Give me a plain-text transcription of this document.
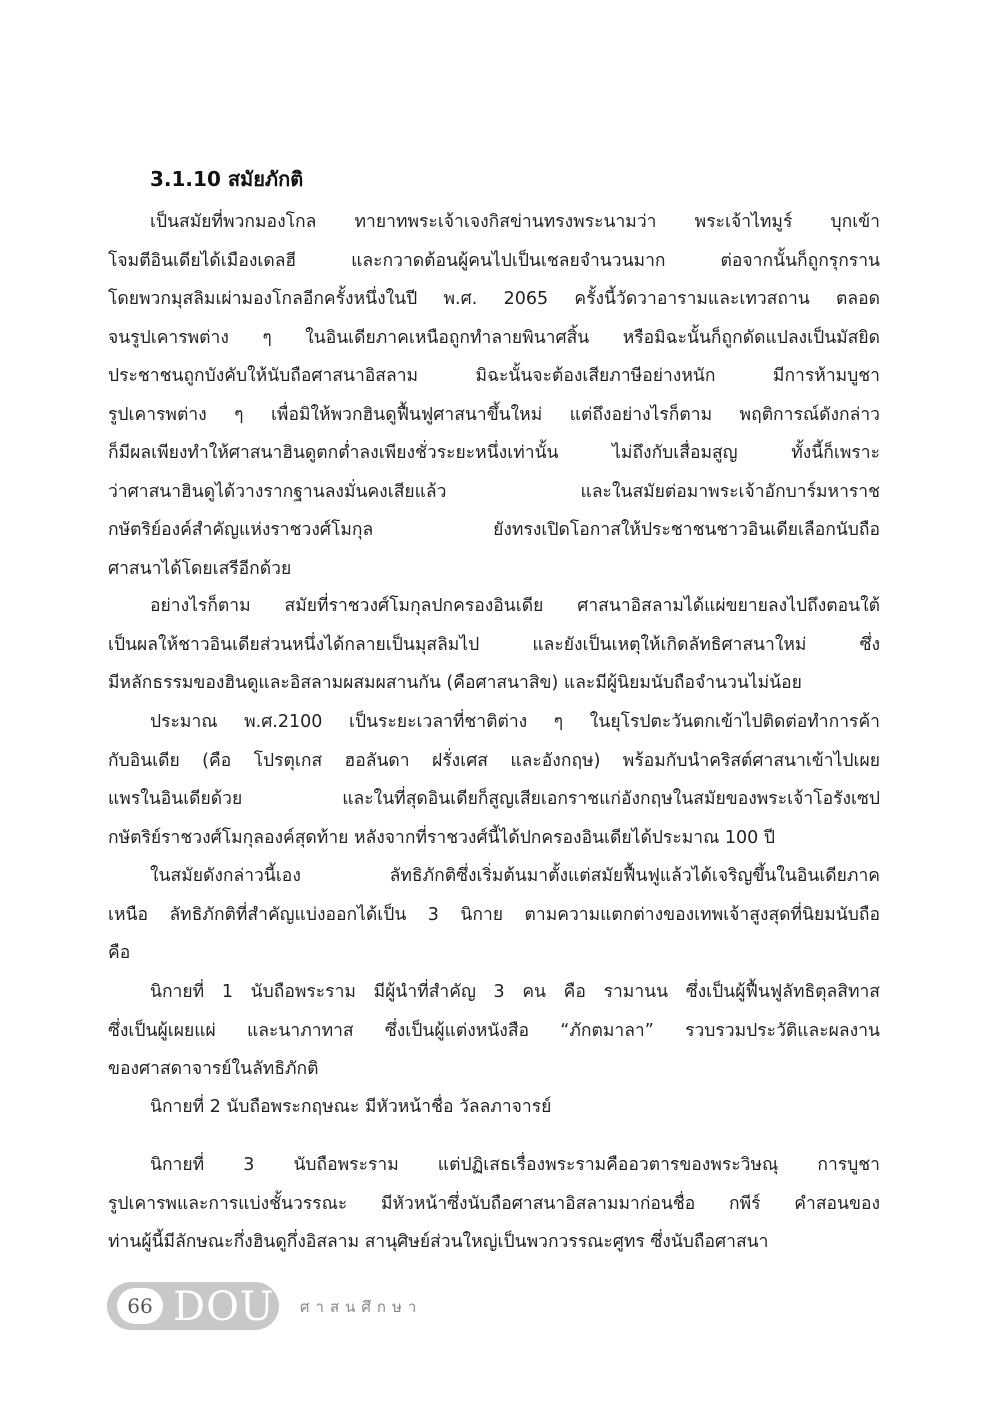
3.1.10 สมัยภักติ
เป็นสมัยที่พวกมองโกล ทายาทพระเจ้าเจงกิสข่านทรงพระนามว่า พระเจ้าไทมูร์ บุกเข้า
โจมตีอินเดียได้เมืองเดลฮี และกวาดต้อนผู้คนไปเป็นเชลยจำนวนมาก ต่อจากนั้นก็ถูกรุกราน
โดยพวกมุสลิมเผ่ามองโกลอีกครั้งหนึ่งในปี พ.ศ. 2065 ครั้งนี้วัดวาอารามและเทวสถาน ตลอด
จนรูปเคารพต่าง ๆ ในอินเดียภาคเหนือถูกทำลายพินาศสิ้น หรือมิฉะนั้นก็ถูกดัดแปลงเป็นมัสยิด
ประชาชนถูกบังคับให้นับถือศาสนาอิสลาม มิฉะนั้นจะต้องเสียภาษีอย่างหนัก มีการห้ามบูชา
รูปเคารพต่าง ๆ เพื่อมิให้พวกฮินดูฟื้นฟูศาสนาขึ้นใหม่ แต่ถึงอย่างไรก็ตาม พฤติการณ์ดังกล่าว
ก็มีผลเพียงทำให้ศาสนาฮินดูตกต่ำลงเพียงชั่วระยะหนึ่งเท่านั้น ไม่ถึงกับเสื่อมสูญ ทั้งนี้ก็เพราะ
ว่าศาสนาฮินดูได้วางรากฐานลงมั่นคงเสียแล้ว และในสมัยต่อมาพระเจ้าอักบาร์มหาราช
กษัตริย์องค์สำคัญแห่งราชวงศ์โมกุล ยังทรงเปิดโอกาสให้ประชาชนชาวอินเดียเลือกนับถือ
ศาสนาได้โดยเสรีอีกด้วย
อย่างไรก็ตาม สมัยที่ราชวงศ์โมกุลปกครองอินเดีย ศาสนาอิสลามได้แผ่ขยายลงไปถึงตอนใต้
เป็นผลให้ชาวอินเดียส่วนหนึ่งได้กลายเป็นมุสลิมไป และยังเป็นเหตุให้เกิดลัทธิศาสนาใหม่ ซึ่ง
มีหลักธรรมของฮินดูและอิสลามผสมผสานกัน (คือศาสนาสิข) และมีผู้นิยมนับถือจำนวนไม่น้อย
ประมาณ พ.ศ.2100 เป็นระยะเวลาที่ชาติต่าง ๆ ในยุโรปตะวันตกเข้าไปติดต่อทำการค้า
กับอินเดีย (คือ โปรตุเกส ฮอลันดา ฝรั่งเศส และอังกฤษ) พร้อมกับนำคริสต์ศาสนาเข้าไปเผย
แพรในอินเดียด้วย และในที่สุดอินเดียก็สูญเสียเอกราชแก่อังกฤษในสมัยของพระเจ้าโอรังเซป
กษัตริย์ราชวงศ์โมกุลองค์สุดท้าย หลังจากที่ราชวงศ์นี้ได้ปกครองอินเดียได้ประมาณ 100 ปี
ในสมัยดังกล่าวนี้เอง ลัทธิภักติซึ่งเริ่มต้นมาตั้งแต่สมัยฟื้นฟูแล้วได้เจริญขึ้นในอินเดียภาค
เหนือ ลัทธิภักติที่สำคัญแบ่งออกได้เป็น 3 นิกาย ตามความแตกต่างของเทพเจ้าสูงสุดที่นิยมนับถือ
คือ
นิกายที่ 1 นับถือพระราม มีผู้นำที่สำคัญ 3 คน คือ รามานน ซึ่งเป็นผู้ฟื้นฟูลัทธิตุลสิทาส
ซึ่งเป็นผู้เผยแผ่ และนาภาทาส ซึ่งเป็นผู้แต่งหนังสือ “ภักตมาลา” รวบรวมประวัติและผลงาน
ของศาสดาจารย์ในลัทธิภักติ
นิกายที่ 2 นับถือพระกฤษณะ มีหัวหน้าชื่อ วัลลภาจารย์
นิกายที่ 3 นับถือพระราม แต่ปฏิเสธเรื่องพระรามคืออวตารของพระวิษณุ การบูชา
รูปเคารพและการแบ่งชั้นวรรณะ มีหัวหน้าซึ่งนับถือศาสนาอิสลามมาก่อนชื่อ กพีร์ คำสอนของ
ท่านผู้นี้มีลักษณะกึ่งฮินดูกึ่งอิสลาม สานุศิษย์ส่วนใหญ่เป็นพวกวรรณะศูทร ซึ่งนับถือศาสนา
66 DOU ศาสนศึกษา
